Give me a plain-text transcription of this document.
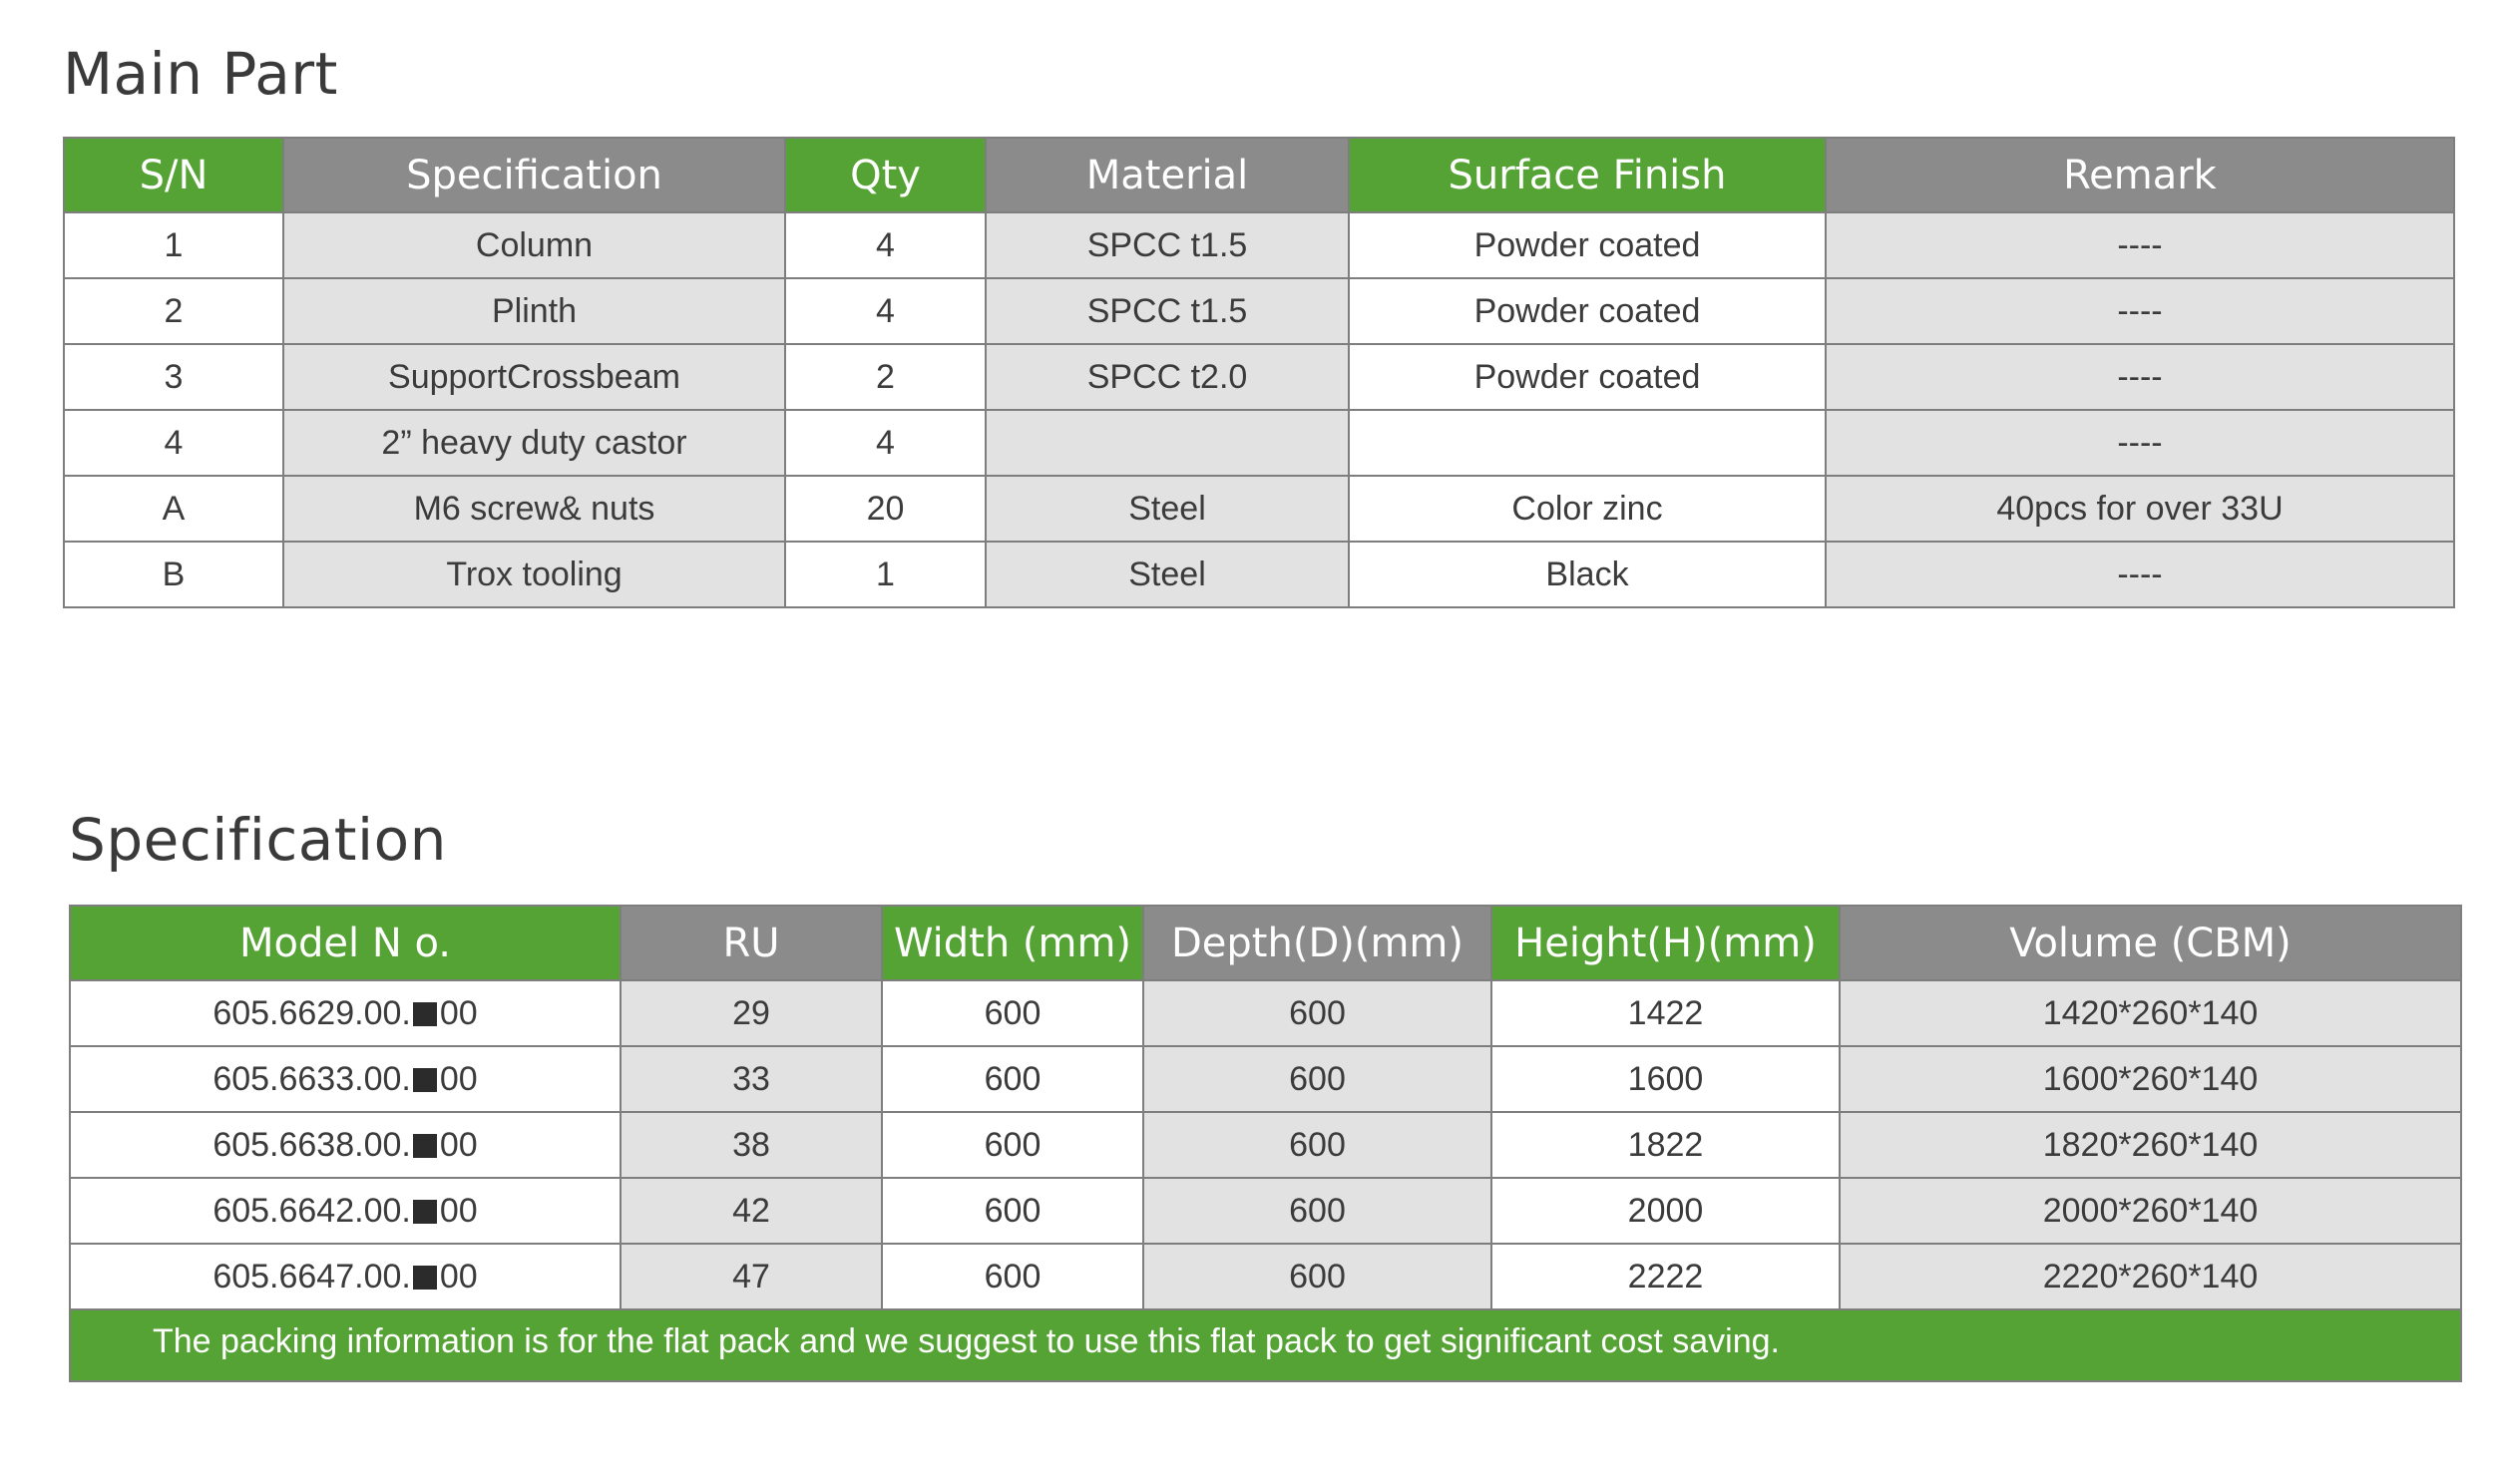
Main Part
S/N	Specification	Qty	Material	Surface Finish	Remark
1	Column	4	SPCC t1.5	Powder coated	----
2	Plinth	4	SPCC t1.5	Powder coated	----
3	SupportCrossbeam	2	SPCC t2.0	Powder coated	----
4	2” heavy duty castor	4			----
A	M6 screw& nuts	20	Steel	Color zinc	40pcs for over 33U
B	Trox tooling	1	Steel	Black	----
Specification
Model N o.	RU	Width (mm)	Depth(D)(mm)	Height(H)(mm)	Volume (CBM)
605.6629.00. 00	29	600	600	1422	1420*260*140
605.6633.00. 00	33	600	600	1600	1600*260*140
605.6638.00. 00	38	600	600	1822	1820*260*140
605.6642.00. 00	42	600	600	2000	2000*260*140
605.6647.00. 00	47	600	600	2222	2220*260*140
The packing information is for the flat pack and we suggest to use this flat pack to get significant cost saving.					
